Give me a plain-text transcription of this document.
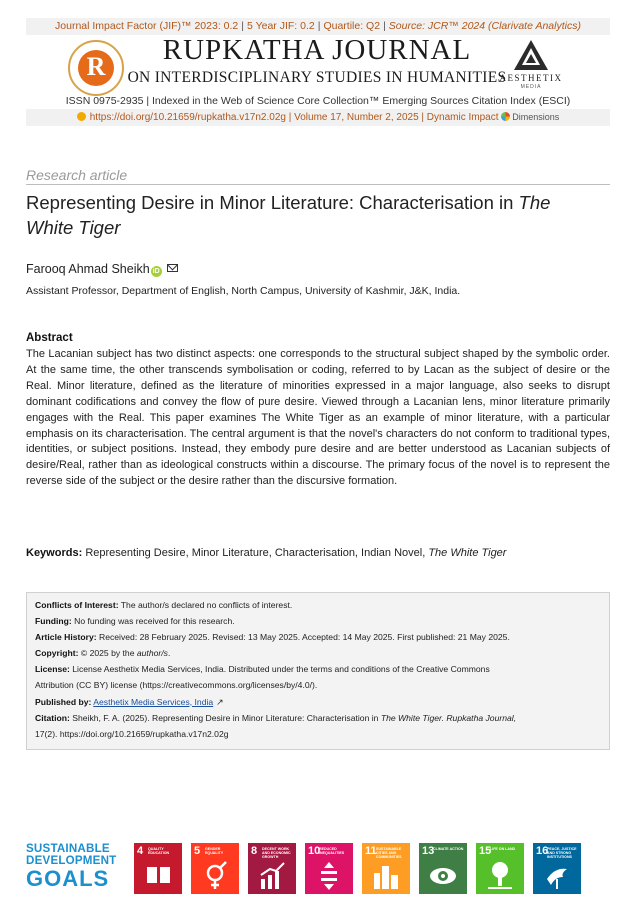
Journal Impact Factor (JIF)™ 2023: 0.2 | 5 Year JIF: 0.2 | Quartile: Q2 | Source: JCR™ 2024 (Clarivate Analytics)
R
RUPKATHA JOURNAL
ON INTERDISCIPLINARY STUDIES IN HUMANITIES
AESTHETIX
MEDIA
ISSN 0975-2935 | Indexed in the Web of Science Core Collection™ Emerging Sources Citation Index (ESCI)
https://doi.org/10.21659/rupkatha.v17n2.02g | Volume 17, Number 2, 2025 | Dynamic Impact Dimensions
Research article
Representing Desire in Minor Literature: Characterisation in The White Tiger
Farooq Ahmad Sheikh iD
Assistant Professor, Department of English, North Campus, University of Kashmir, J&K, India.
Abstract
The Lacanian subject has two distinct aspects: one corresponds to the structural subject shaped by the symbolic order. At the same time, the other transcends symbolisation or coding, referred to by Lacan as the subject of desire or the Real. Minor literature, defined as the literature of minorities expressed in a major language, also seeks to disrupt dominant codifications and convey the flow of pure desire. Viewed through a Lacanian lens, minor literature primarily engages with the Real. This paper examines The White Tiger as an example of minor literature, with a particular emphasis on its characterisation. The central argument is that the novel's characters do not conform to traditional types, identities, or subject positions. Instead, they embody pure desire and are better understood as Lacanian subjects of desire/Real, rather than as ideological constructs within a discourse. The primary focus of the novel is to represent the reverse side of the subject or the desire rather than the discursive formation.
Keywords: Representing Desire, Minor Literature, Characterisation, Indian Novel, The White Tiger
Conflicts of Interest: The author/s declared no conflicts of interest.
Funding: No funding was received for this research.
Article History: Received: 28 February 2025. Revised: 13 May 2025. Accepted: 14 May 2025. First published: 21 May 2025.
Copyright: © 2025 by the author/s.
License: License Aesthetix Media Services, India. Distributed under the terms and conditions of the Creative Commons
Attribution (CC BY) license (https://creativecommons.org/licenses/by/4.0/).
Published by: Aesthetix Media Services, India ↗
Citation: Sheikh, F. A. (2025). Representing Desire in Minor Literature: Characterisation in The White Tiger. Rupkatha Journal,
17(2). https://doi.org/10.21659/rupkatha.v17n2.02g
SUSTAINABLE
DEVELOPMENT
GOALS
4 QUALITY EDUCATION	5 GENDER EQUALITY	8 DECENT WORK AND ECONOMIC GROWTH
10
REDUCED INEQUALITIES	11 SUSTAINABLE CITIES AND COMMUNITIES
13
CLIMATE ACTION 15
LIFE ON LAND	16
PEACE, JUSTICE AND STRONG INSTITUTIONS
